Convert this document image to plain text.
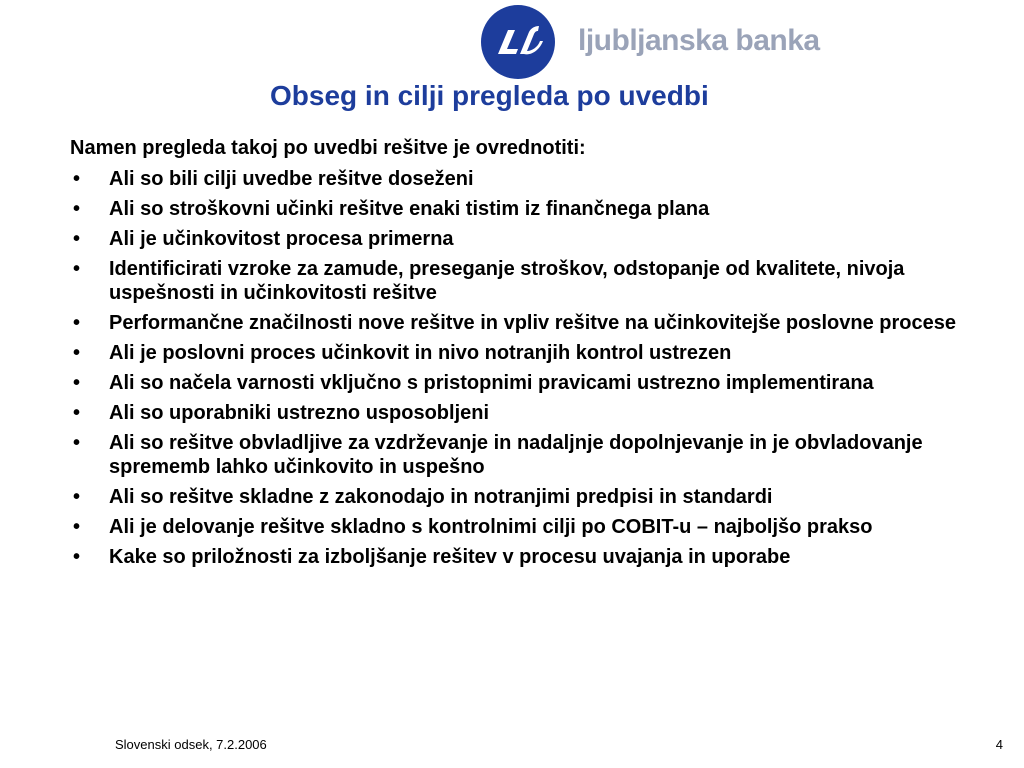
ljubljanska banka
Obseg in cilji pregleda po uvedbi
Namen pregleda takoj po uvedbi rešitve je ovrednotiti:
• Ali so bili cilji uvedbe rešitve doseženi
• Ali so stroškovni učinki rešitve enaki tistim iz finančnega plana
• Ali je učinkovitost procesa primerna
• Identificirati vzroke za zamude, preseganje stroškov, odstopanje od kvalitete, nivoja uspešnosti in učinkovitosti rešitve
• Performančne značilnosti nove rešitve in vpliv rešitve na učinkovitejše poslovne procese
• Ali je poslovni proces učinkovit in nivo notranjih kontrol ustrezen
• Ali so načela varnosti vključno s pristopnimi pravicami ustrezno implementirana
• Ali so uporabniki ustrezno usposobljeni
• Ali so rešitve obvladljive za vzdrževanje in nadaljnje dopolnjevanje in je obvladovanje sprememb lahko učinkovito in uspešno
• Ali so rešitve skladne z zakonodajo in notranjimi predpisi in standardi
• Ali je delovanje rešitve skladno s kontrolnimi cilji po COBIT-u – najboljšo prakso
• Kake so priložnosti za izboljšanje rešitev v procesu uvajanja in uporabe
Slovenski odsek, 7.2.2006	4
